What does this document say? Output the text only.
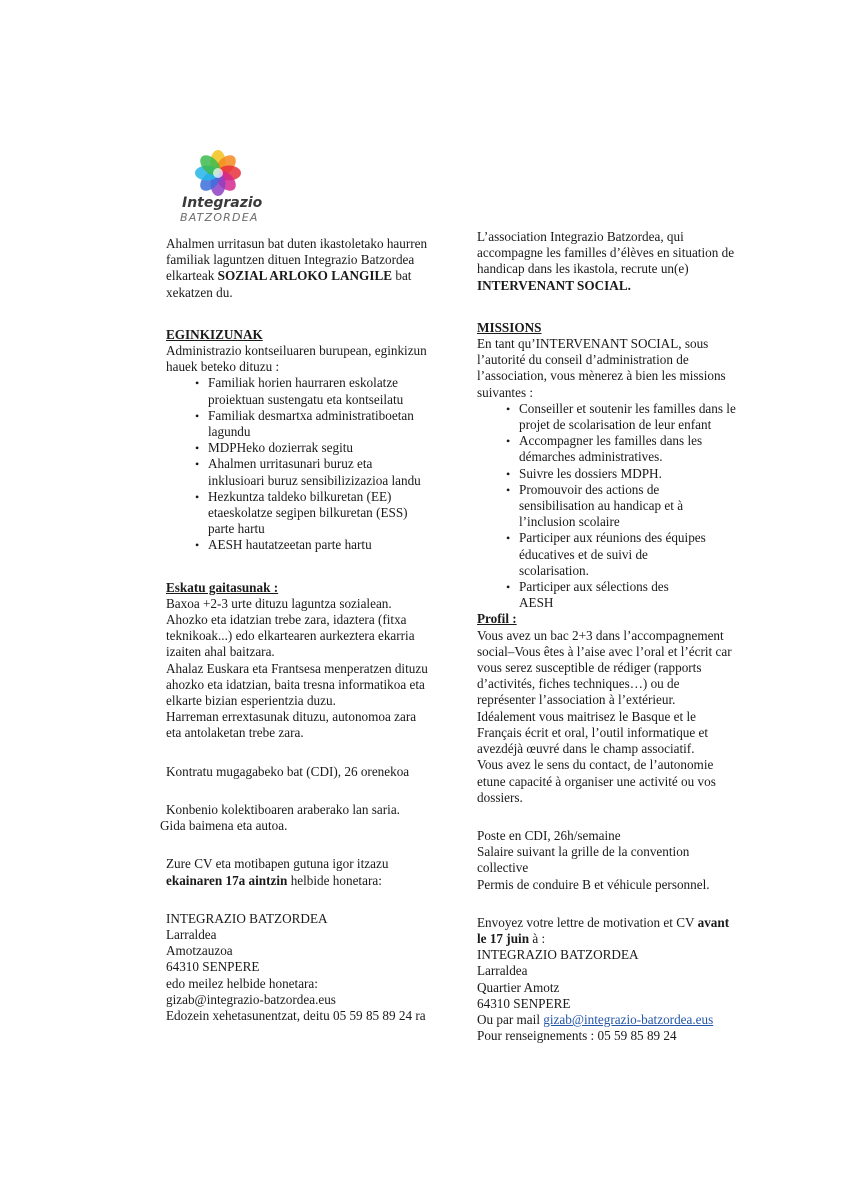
Integrazio
BATZORDEA

Ahalmen urritasun bat duten ikastoletako haurren familiak laguntzen dituen Integrazio Batzordea elkarteak SOZIAL ARLOKO LANGILE bat xekatzen du.

EGINKIZUNAK

Administrazio kontseiluaren burupean, eginkizun hauek beteko dituzu :

• Familiak horien haurraren eskolatze proiektuan sustengatu eta kontseilatu
• Familiak desmartxa administratiboetan lagundu
• MDPHeko dozierrak segitu
• Ahalmen urritasunari buruz eta inklusioari buruz sensibilizizazioa landu
• Hezkuntza taldeko bilkuretan (EE) etaeskolatze segipen bilkuretan (ESS) parte hartu
• AESH hautatzeetan parte hartu

Eskatu gaitasunak :

Baxoa +2-3 urte dituzu laguntza sozialean. Ahozko eta idatzian trebe zara, idaztera (fitxa teknikoak...) edo elkartearen aurkeztera ekarria izaiten ahal baitzara.

Ahalaz Euskara eta Frantsesa menperatzen dituzu ahozko eta idatzian, baita tresna informatikoa eta elkarte bizian esperientzia duzu.

Harreman errextasunak dituzu, autonomoa zara eta antolaketan trebe zara.

Kontratu mugagabeko bat (CDI), 26 orenekoa

Konbenio kolektiboaren araberako lan saria.

Gida baimena eta autoa.

Zure CV eta motibapen gutuna igor itzazu ekainaren 17a aintzin helbide honetara:

INTEGRAZIO BATZORDEA

Larraldea

Amotzauzoa

64310 SENPERE

edo meilez helbide honetara:

gizab@integrazio-batzordea.eus

Edozein xehetasunentzat, deitu 05 59 85 89 24 ra

L’association Integrazio Batzordea, qui accompagne les familles d’élèves en situation de handicap dans les ikastola, recrute un(e) INTERVENANT SOCIAL.

MISSIONS

En tant qu’INTERVENANT SOCIAL, sous l’autorité du conseil d’administration de l’association, vous mènerez à bien les missions suivantes :

• Conseiller et soutenir les familles dans le projet de scolarisation de leur enfant
• Accompagner les familles dans les démarches administratives.
• Suivre les dossiers MDPH.
• Promouvoir des actions de sensibilisation au handicap et à l’inclusion scolaire
• Participer aux réunions des équipes éducatives et de suivi de scolarisation.
• Participer aux sélections des AESH

Profil :

Vous avez un bac 2+3 dans l’accompagnement social–Vous êtes à l’aise avec l’oral et l’écrit car vous serez susceptible de rédiger (rapports d’activités, fiches techniques…) ou de représenter l’association à l’extérieur.

Idéalement vous maitrisez le Basque et le Français écrit et oral, l’outil informatique et avezdéjà œuvré dans le champ associatif.

Vous avez le sens du contact, de l’autonomie etune capacité à organiser une activité ou vos dossiers.

Poste en CDI, 26h/semaine

Salaire suivant la grille de la convention collective

Permis de conduire B et véhicule personnel.

Envoyez votre lettre de motivation et CV avant le 17 juin à :

INTEGRAZIO BATZORDEA

Larraldea

Quartier Amotz

64310 SENPERE

Ou par mail gizab@integrazio-batzordea.eus

Pour renseignements : 05 59 85 89 24
